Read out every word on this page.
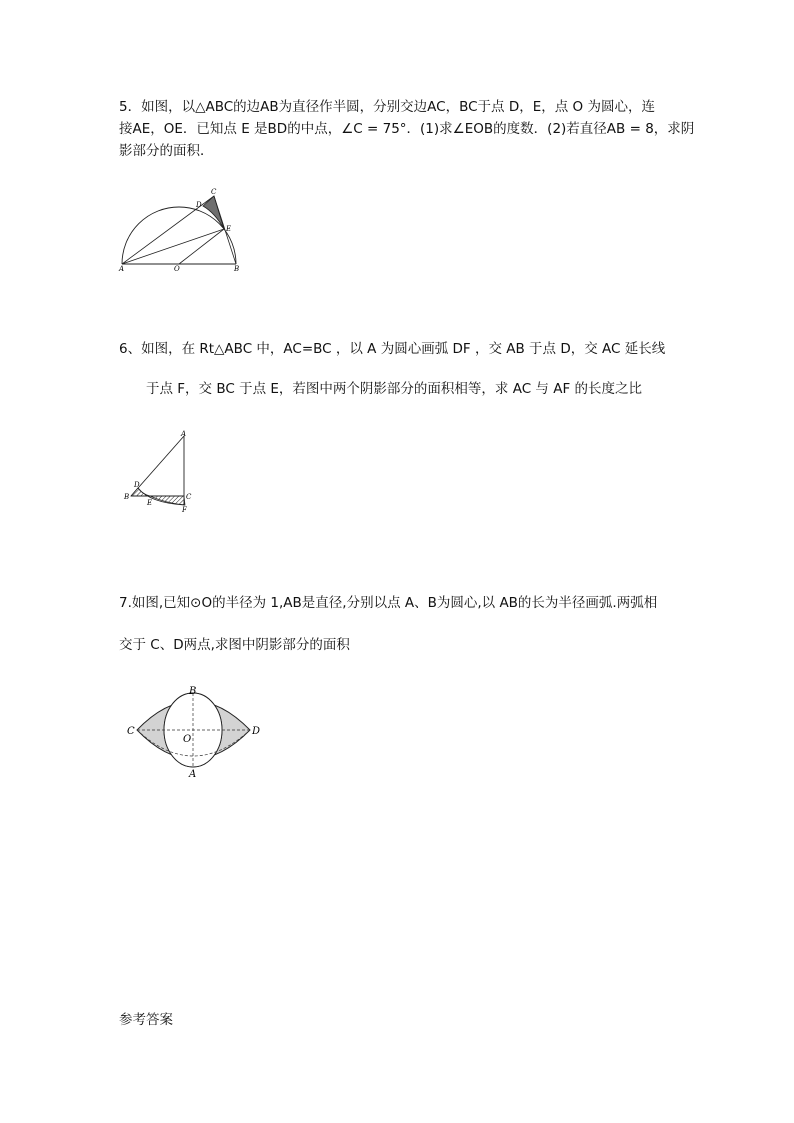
5．如图，以△ABC的边AB为直径作半圆，分别交边AC，BC于点 D，E，点 O 为圆心，连
接AE，OE．已知点 E 是BD的中点，∠C = 75°．(1)求∠EOB的度数．(2)若直径AB = 8，求阴
影部分的面积．
C
D
E
A	O	B
6、如图，在 Rt△ABC 中，AC=BC ，以 A 为圆心画弧 DF ，交 AB 于点 D，交 AC 延长线
于点 F，交 BC 于点 E，若图中两个阴影部分的面积相等，求 AC 与 AF 的长度之比
A
D
B	C
E
F
7.如图,已知⊙O的半径为 1,AB是直径,分别以点 A、B为圆心,以 AB的长为半径画弧.两弧相
交于 C、D两点,求图中阴影部分的面积
B
C	D
O
A
参考答案
